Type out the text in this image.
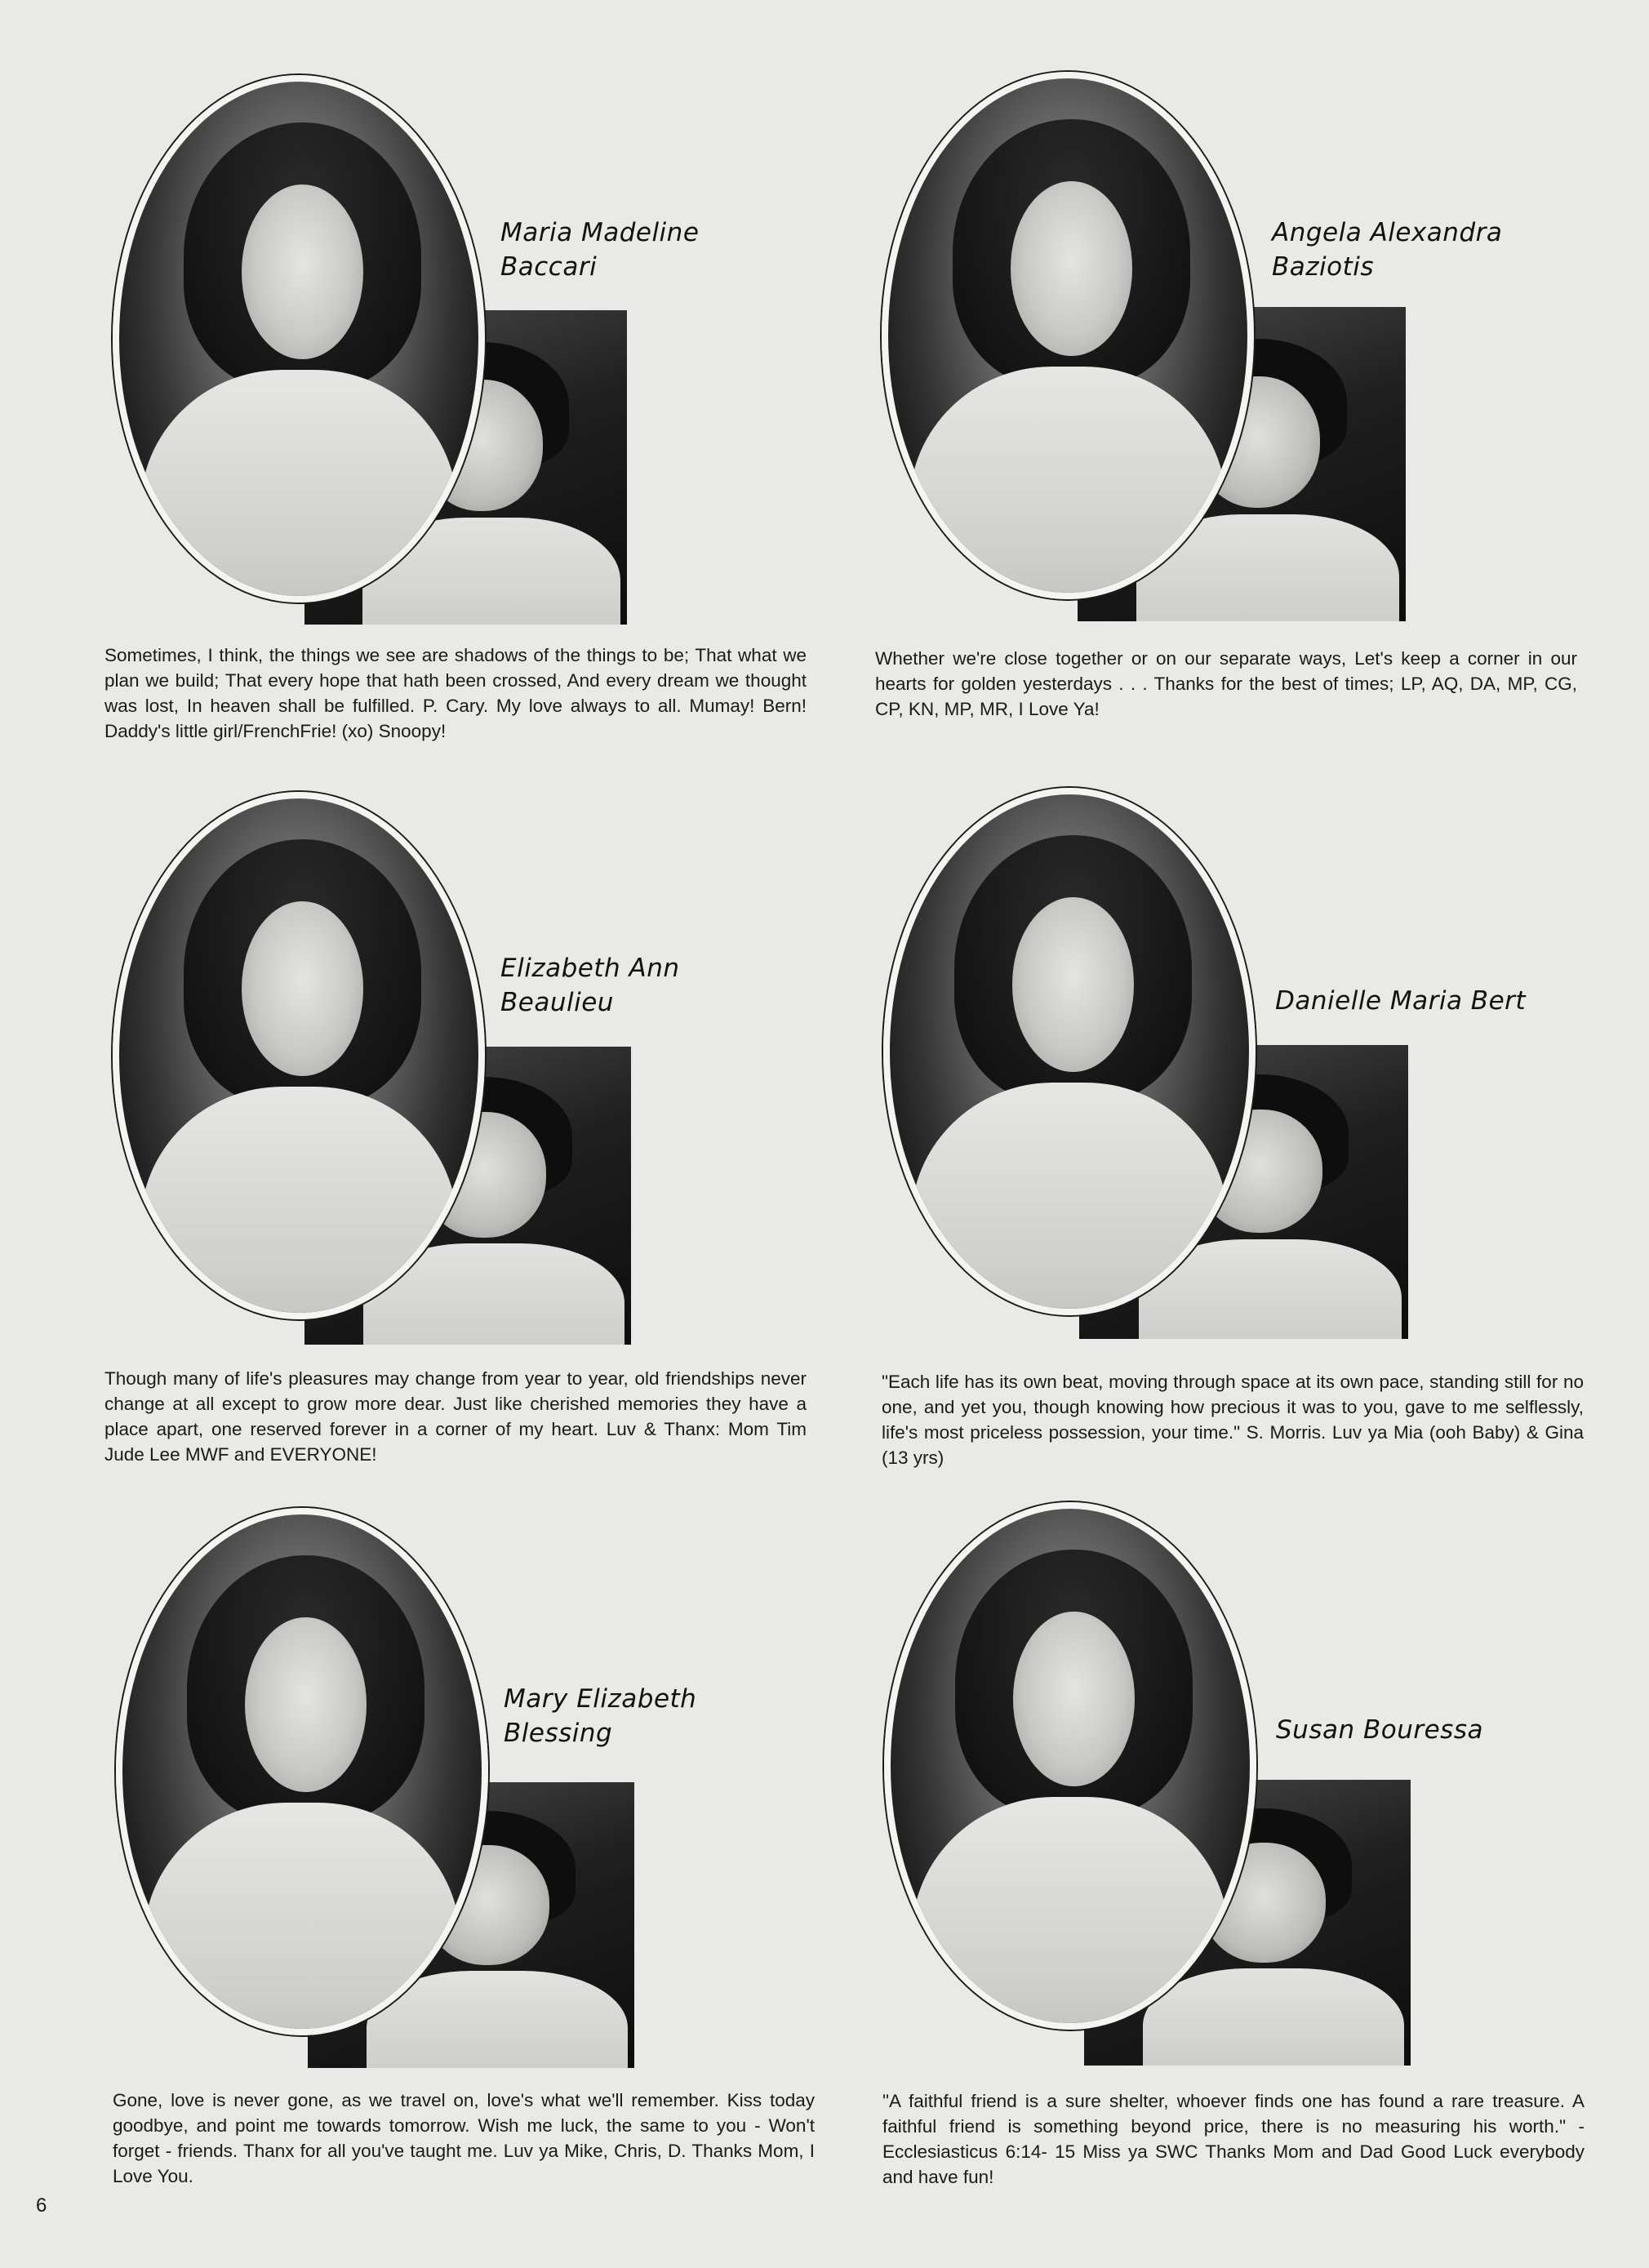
Maria Madeline
Baccari

Sometimes, I think, the things we see are shadows of the things to be; That what we plan we build; That every hope that hath been crossed, And every dream we thought was lost, In heaven shall be fulfilled. P. Cary. My love always to all. Mumay! Bern! Daddy's little girl/FrenchFrie! (xo) Snoopy!

Angela Alexandra
Baziotis

Whether we're close together or on our separate ways, Let's keep a corner in our hearts for golden yesterdays . . . Thanks for the best of times; LP, AQ, DA, MP, CG, CP, KN, MP, MR, I Love Ya!

Elizabeth Ann
Beaulieu

Though many of life's pleasures may change from year to year, old friendships never change at all except to grow more dear. Just like cherished memories they have a place apart, one reserved forever in a corner of my heart. Luv & Thanx: Mom Tim Jude Lee MWF and EVERYONE!

Danielle Maria Bert

"Each life has its own beat, moving through space at its own pace, standing still for no one, and yet you, though knowing how precious it was to you, gave to me selflessly, life's most priceless possession, your time." S. Morris. Luv ya Mia (ooh Baby) & Gina (13 yrs)

Mary Elizabeth
Blessing

Gone, love is never gone, as we travel on, love's what we'll remember. Kiss today goodbye, and point me towards tomorrow. Wish me luck, the same to you - Won't forget - friends. Thanx for all you've taught me. Luv ya Mike, Chris, D. Thanks Mom, I Love You.

Susan Bouressa

"A faithful friend is a sure shelter, whoever finds one has found a rare treasure. A faithful friend is something beyond price, there is no measuring his worth." - Ecclesiasticus 6:14- 15 Miss ya SWC Thanks Mom and Dad Good Luck everybody and have fun!

6
